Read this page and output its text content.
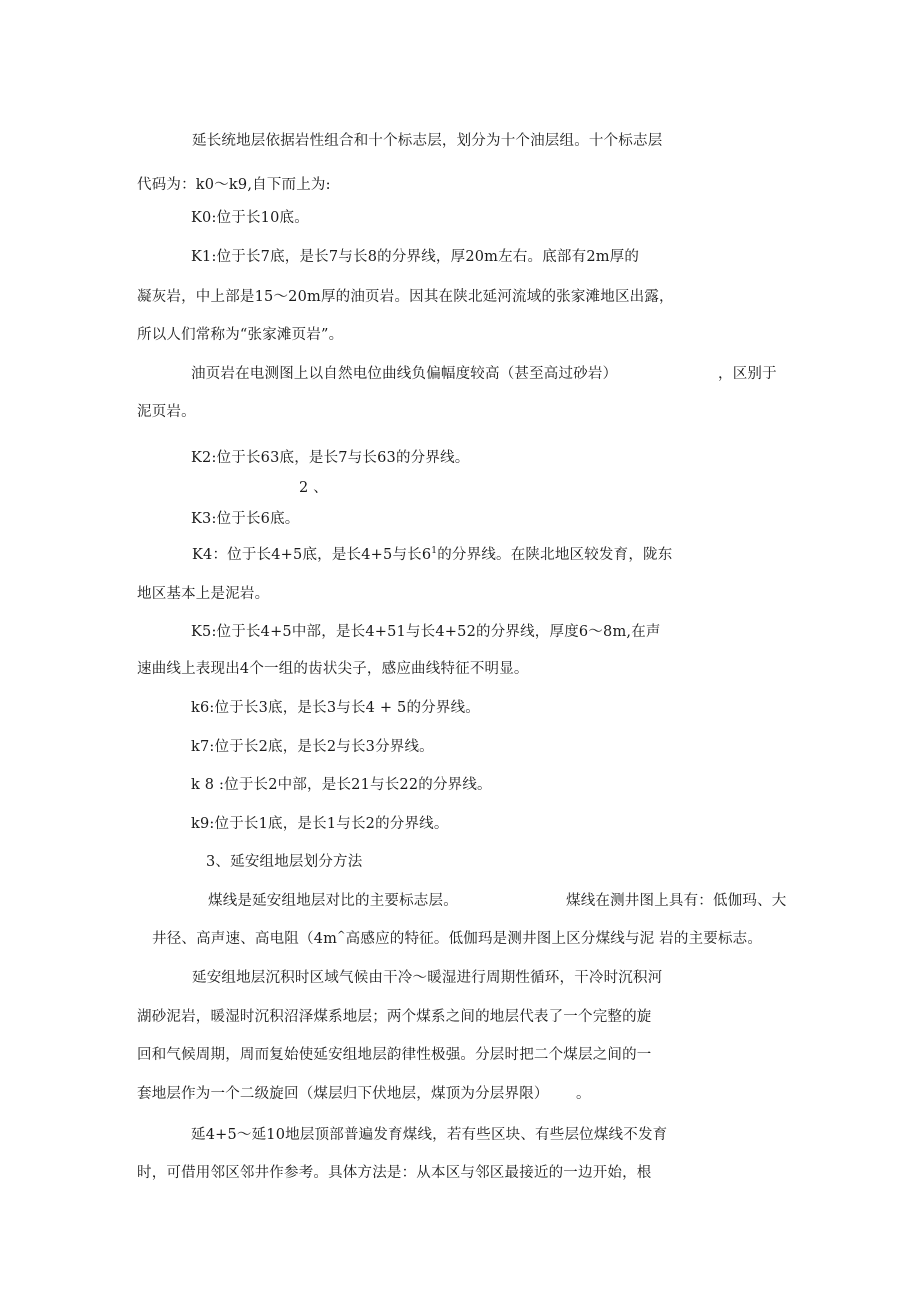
延长统地层依据岩性组合和十个标志层，划分为十个油层组。十个标志层
代码为：k0～k9,自下而上为:
K0:位于长10底。
K1:位于长7底，是长7与长8的分界线，厚20m左右。底部有2m厚的
凝灰岩，中上部是15～20m厚的油页岩。因其在陕北延河流域的张家滩地区出露，
所以人们常称为“张家滩页岩”。
油页岩在电测图上以自然电位曲线负偏幅度较高（甚至高过砂岩）	，区别于
泥页岩。
K2:位于长63底，是长7与长63的分界线。
2 、
K3:位于长6底。
K4：位于长4+5底，是长4+5与长$6^1$的分界线。在陕北地区较发育，陇东
地区基本上是泥岩。
K5:位于长4+5中部，是长4+51与长4+52的分界线，厚度6～8m,在声
速曲线上表现出4个一组的齿状尖子，感应曲线特征不明显。
k6:位于长3底，是长3与长4 + 5的分界线。
k7:位于长2底，是长2与长3分界线。
k 8 :位于长2中部，是长21与长22的分界线。
k9:位于长1底，是长1与长2的分界线。
3、延安组地层划分方法
煤线是延安组地层对比的主要标志层。	煤线在测井图上具有：低伽玛、大
井径、高声速、高电阻（4m^高感应的特征。低伽玛是测井图上区分煤线与泥 岩的主要标志。
延安组地层沉积时区域气候由干冷～暖湿进行周期性循环，干冷时沉积河
湖砂泥岩，暖湿时沉积沼泽煤系地层；两个煤系之间的地层代表了一个完整的旋
回和气候周期，周而复始使延安组地层韵律性极强。分层时把二个煤层之间的一
套地层作为一个二级旋回（煤层归下伏地层，煤顶为分层界限） 。
延4+5～延10地层顶部普遍发育煤线，若有些区块、有些层位煤线不发育
时，可借用邻区邻井作参考。具体方法是：从本区与邻区最接近的一边开始，根
